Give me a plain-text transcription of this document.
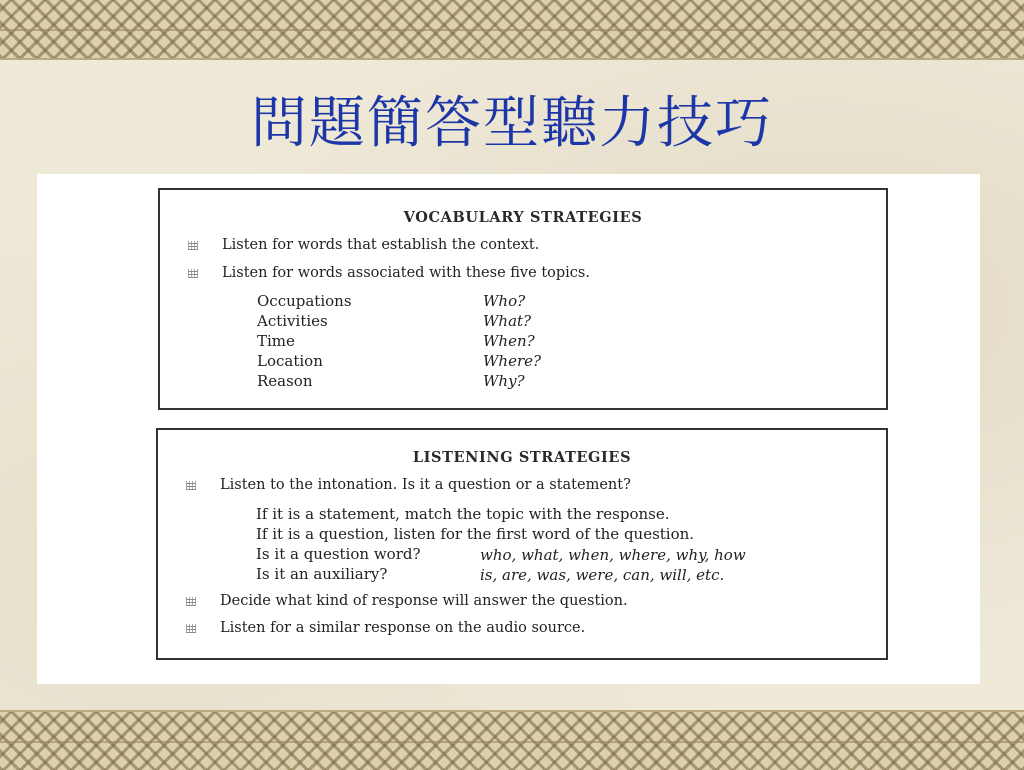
問題簡答型聽力技巧
VOCABULARY STRATEGIES
Listen for words that establish the context.
Listen for words associated with these five topics.
Occupations	Who?
Activities	What?
Time	When?
Location	Where?
Reason	Why?
LISTENING STRATEGIES
Listen to the intonation. Is it a question or a statement?
If it is a statement, match the topic with the response.
If it is a question, listen for the first word of the question.
Is it a question word?	who, what, when, where, why, how
Is it an auxiliary?	is, are, was, were, can, will, etc.
Decide what kind of response will answer the question.
Listen for a similar response on the audio source.
